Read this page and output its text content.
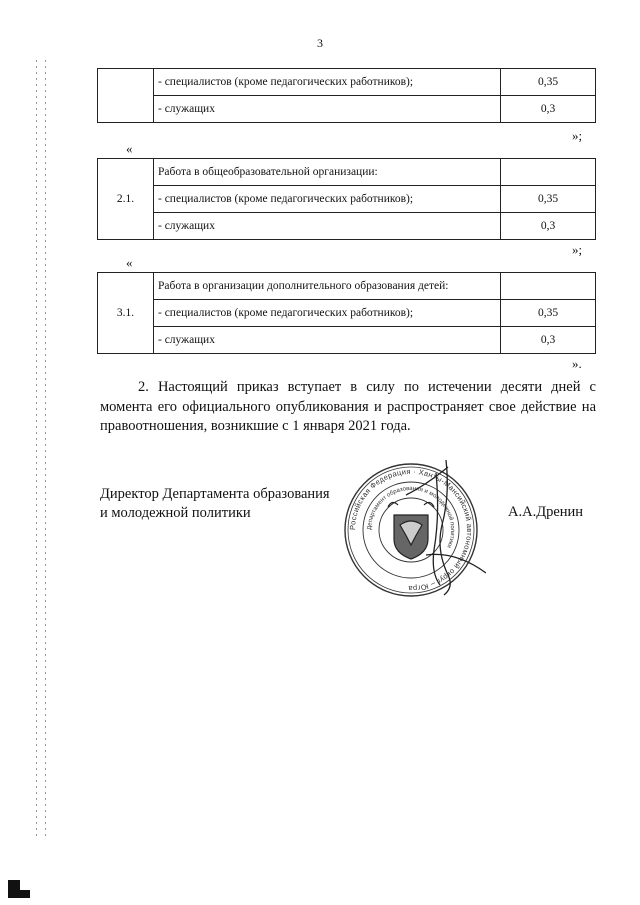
3
	- специалистов (кроме педагогических работников);	0,35
	- служащих	0,3
»;
«
2.1.	Работа в общеобразовательной организации:	
	- специалистов (кроме педагогических работников);	0,35
	- служащих	0,3
»;
«
3.1.	Работа в организации дополнительного образования детей:	
	- специалистов (кроме педагогических работников);	0,35
	- служащих	0,3
».

2. Настоящий приказ вступает в силу по истечении десяти дней с момента его официального опубликования и распространяет свое действие на правоотношения, возникшие с 1 января 2021 года.

Директор Департамента образования
и молодежной политики
Российская Федерация · Ханты-Мансийский автономный округ – Югра
Департамент образования и молодежной политики
А.А.Дренин
